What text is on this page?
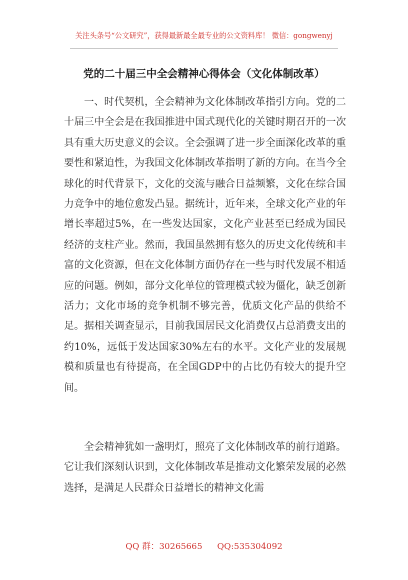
关注头条号“公文研究”，获得最新最全最专业的公文资料库！ 微信：gongwenyj
党的二十届三中全会精神心得体会（文化体制改革）
一、时代契机，全会精神为文化体制改革指引方向。党的二十届三中全会是在我国推进中国式现代化的关键时期召开的一次具有重大历史意义的会议。全会强调了进一步全面深化改革的重要性和紧迫性，为我国文化体制改革指明了新的方向。在当今全球化的时代背景下，文化的交流与融合日益频繁，文化在综合国力竞争中的地位愈发凸显。据统计，近年来，全球文化产业的年增长率超过5%，在一些发达国家，文化产业甚至已经成为国民经济的支柱产业。然而，我国虽然拥有悠久的历史文化传统和丰富的文化资源，但在文化体制方面仍存在一些与时代发展不相适应的问题。例如，部分文化单位的管理模式较为僵化，缺乏创新活力；文化市场的竞争机制不够完善，优质文化产品的供给不足。据相关调查显示，目前我国居民文化消费仅占总消费支出的约10%，远低于发达国家30%左右的水平。文化产业的发展规模和质量也有待提高，在全国GDP中的占比仍有较大的提升空间。
全会精神犹如一盏明灯，照亮了文化体制改革的前行道路。它让我们深刻认识到，文化体制改革是推动文化繁荣发展的必然选择，是满足人民群众日益增长的精神文化需
QQ 群：30265665 QQ:535304092
